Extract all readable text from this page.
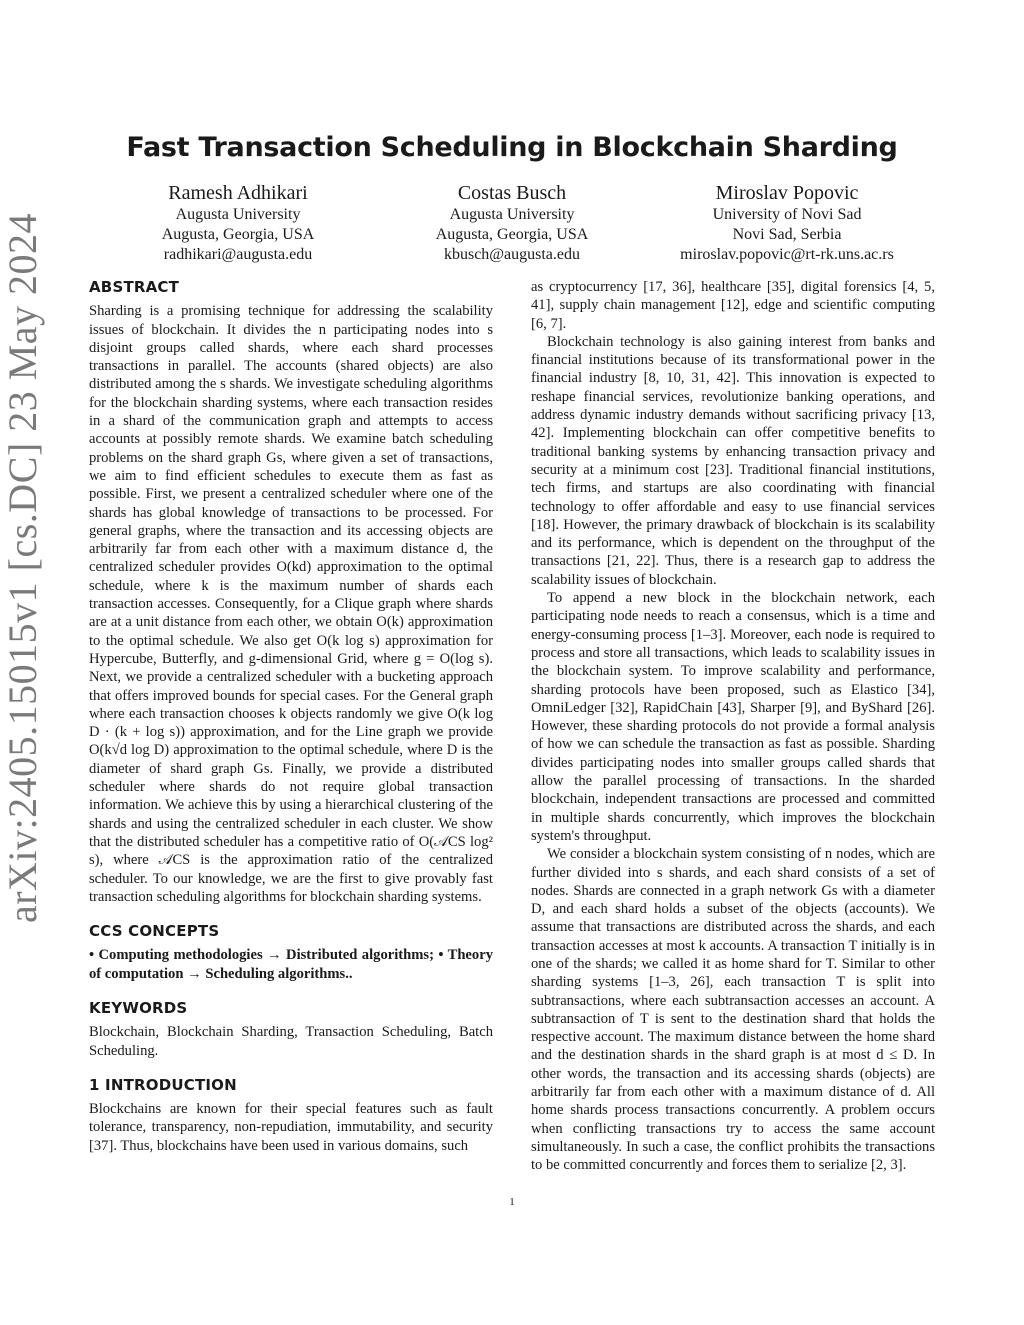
arXiv:2405.15015v1 [cs.DC] 23 May 2024
Fast Transaction Scheduling in Blockchain Sharding
Ramesh Adhikari
Augusta University
Augusta, Georgia, USA
radhikari@augusta.edu
Costas Busch
Augusta University
Augusta, Georgia, USA
kbusch@augusta.edu
Miroslav Popovic
University of Novi Sad
Novi Sad, Serbia
miroslav.popovic@rt-rk.uns.ac.rs
ABSTRACT

Sharding is a promising technique for addressing the scalability issues of blockchain. It divides the n participating nodes into s disjoint groups called shards, where each shard processes transactions in parallel. The accounts (shared objects) are also distributed among the s shards. We investigate scheduling algorithms for the blockchain sharding systems, where each transaction resides in a shard of the communication graph and attempts to access accounts at possibly remote shards. We examine batch scheduling problems on the shard graph Gs, where given a set of transactions, we aim to find efficient schedules to execute them as fast as possible. First, we present a centralized scheduler where one of the shards has global knowledge of transactions to be processed. For general graphs, where the transaction and its accessing objects are arbitrarily far from each other with a maximum distance d, the centralized scheduler provides O(kd) approximation to the optimal schedule, where k is the maximum number of shards each transaction accesses. Consequently, for a Clique graph where shards are at a unit distance from each other, we obtain O(k) approximation to the optimal schedule. We also get O(k log s) approximation for Hypercube, Butterfly, and g-dimensional Grid, where g = O(log s). Next, we provide a centralized scheduler with a bucketing approach that offers improved bounds for special cases. For the General graph where each transaction chooses k objects randomly we give O(k log D · (k + log s)) approximation, and for the Line graph we provide O(k√d log D) approximation to the optimal schedule, where D is the diameter of shard graph Gs. Finally, we provide a distributed scheduler where shards do not require global transaction information. We achieve this by using a hierarchical clustering of the shards and using the centralized scheduler in each cluster. We show that the distributed scheduler has a competitive ratio of O(𝒜CS log² s), where 𝒜CS is the approximation ratio of the centralized scheduler. To our knowledge, we are the first to give provably fast transaction scheduling algorithms for blockchain sharding systems.

CCS CONCEPTS

• Computing methodologies → Distributed algorithms; • Theory of computation → Scheduling algorithms..

KEYWORDS

Blockchain, Blockchain Sharding, Transaction Scheduling, Batch Scheduling.

1 INTRODUCTION

Blockchains are known for their special features such as fault tolerance, transparency, non-repudiation, immutability, and security [37]. Thus, blockchains have been used in various domains, such

as cryptocurrency [17, 36], healthcare [35], digital forensics [4, 5, 41], supply chain management [12], edge and scientific computing [6, 7].

Blockchain technology is also gaining interest from banks and financial institutions because of its transformational power in the financial industry [8, 10, 31, 42]. This innovation is expected to reshape financial services, revolutionize banking operations, and address dynamic industry demands without sacrificing privacy [13, 42]. Implementing blockchain can offer competitive benefits to traditional banking systems by enhancing transaction privacy and security at a minimum cost [23]. Traditional financial institutions, tech firms, and startups are also coordinating with financial technology to offer affordable and easy to use financial services [18]. However, the primary drawback of blockchain is its scalability and its performance, which is dependent on the throughput of the transactions [21, 22]. Thus, there is a research gap to address the scalability issues of blockchain.

To append a new block in the blockchain network, each participating node needs to reach a consensus, which is a time and energy-consuming process [1–3]. Moreover, each node is required to process and store all transactions, which leads to scalability issues in the blockchain system. To improve scalability and performance, sharding protocols have been proposed, such as Elastico [34], OmniLedger [32], RapidChain [43], Sharper [9], and ByShard [26]. However, these sharding protocols do not provide a formal analysis of how we can schedule the transaction as fast as possible. Sharding divides participating nodes into smaller groups called shards that allow the parallel processing of transactions. In the sharded blockchain, independent transactions are processed and committed in multiple shards concurrently, which improves the blockchain system's throughput.

We consider a blockchain system consisting of n nodes, which are further divided into s shards, and each shard consists of a set of nodes. Shards are connected in a graph network Gs with a diameter D, and each shard holds a subset of the objects (accounts). We assume that transactions are distributed across the shards, and each transaction accesses at most k accounts. A transaction T initially is in one of the shards; we called it as home shard for T. Similar to other sharding systems [1–3, 26], each transaction T is split into subtransactions, where each subtransaction accesses an account. A subtransaction of T is sent to the destination shard that holds the respective account. The maximum distance between the home shard and the destination shards in the shard graph is at most d ≤ D. In other words, the transaction and its accessing shards (objects) are arbitrarily far from each other with a maximum distance of d. All home shards process transactions concurrently. A problem occurs when conflicting transactions try to access the same account simultaneously. In such a case, the conflict prohibits the transactions to be committed concurrently and forces them to serialize [2, 3].

1
